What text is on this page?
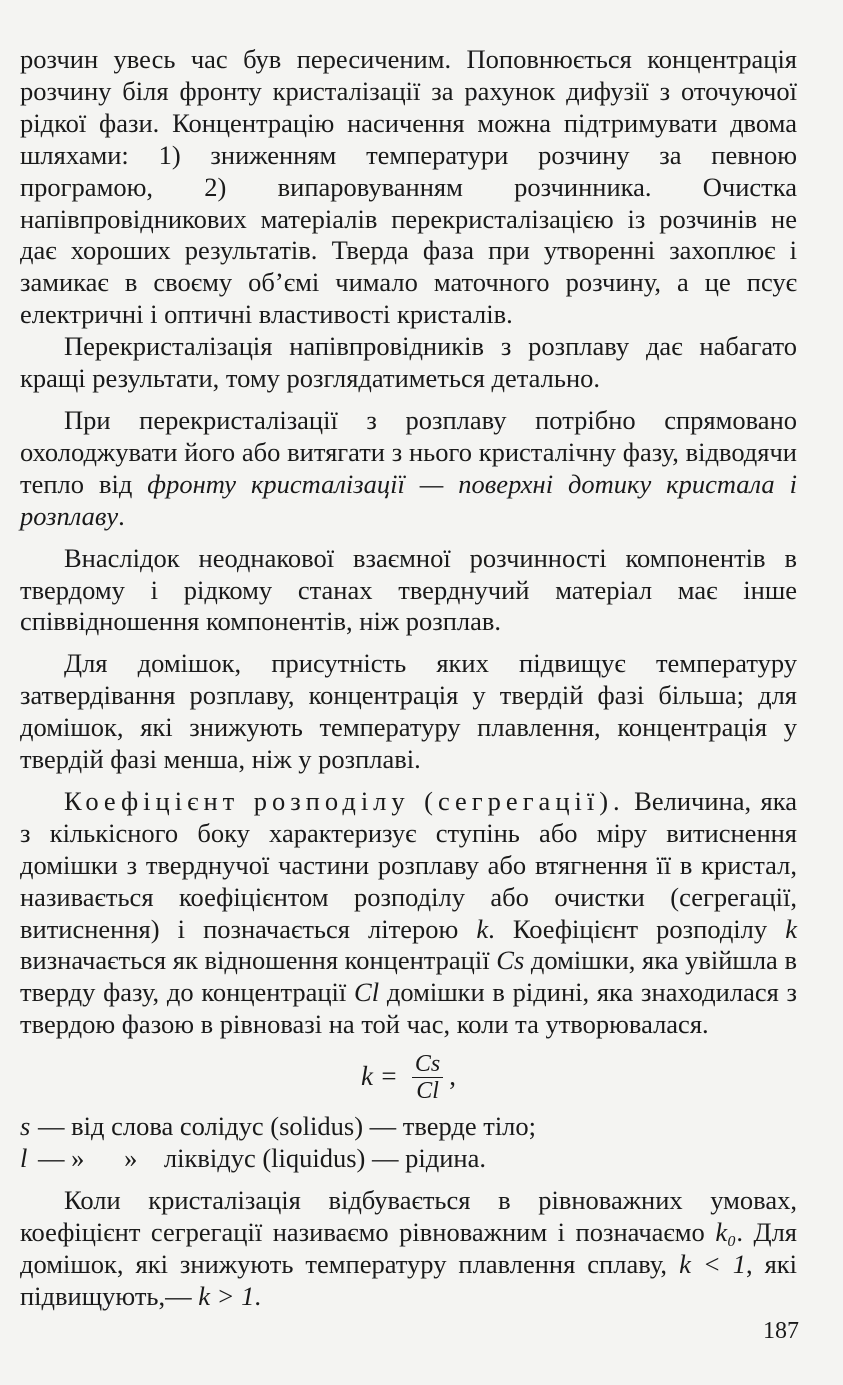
розчин увесь час був пересиченим. Поповнюється концентрація розчину біля фронту кристалізації за рахунок дифузії з оточуючої рідкої фази. Концентрацію насичення можна підтримувати двома шляхами: 1) зниженням температури розчину за певною програмою, 2) випаровуванням розчинника. Очистка напівпровідникових матеріалів перекристалізацією із розчинів не дає хороших результатів. Тверда фаза при утворенні захоплює і замикає в своєму об’ємі чимало маточного розчину, а це псує електричні і оптичні властивості кристалів.

Перекристалізація напівпровідників з розплаву дає набагато кращі результати, тому розглядатиметься детально.

При перекристалізації з розплаву потрібно спрямовано охолоджувати його або витягати з нього кристалічну фазу, відводячи тепло від фронту кристалізації — поверхні дотику кристала і розплаву.

Внаслідок неоднакової взаємної розчинності компонентів в твердому і рідкому станах тверднучий матеріал має інше співвідношення компонентів, ніж розплав.

Для домішок, присутність яких підвищує температуру затвердівання розплаву, концентрація у твердій фазі більша; для домішок, які знижують температуру плавлення, концентрація у твердій фазі менша, ніж у розплаві.

Коефіцієнт розподілу (сегрегації). Величина, яка з кількісного боку характеризує ступінь або міру витиснення домішки з тверднучої частини розплаву або втягнення її в кристал, називається коефіцієнтом розподілу або очистки (сегрегації, витиснення) і позначається літерою k. Коефіцієнт розподілу k визначається як відношення концентрації Cs домішки, яка увійшла в тверду фазу, до концентрації Cl домішки в рідині, яка знаходилася з твердою фазою в рівновазі на той час, коли та утворювалася.

$k = \frac{Cs}{Cl}$ ,
s —
від слова солідус (solidus) — тверде тіло;
l —
»      »    ліквідус (liquidus) — рідина.

Коли кристалізація відбувається в рівноважних умовах, коефіцієнт сегрегації називаємо рівноважним і позначаємо k₀. Для домішок, які знижують температуру плавлення сплаву, k < 1, які підвищують,— k > 1.

187
